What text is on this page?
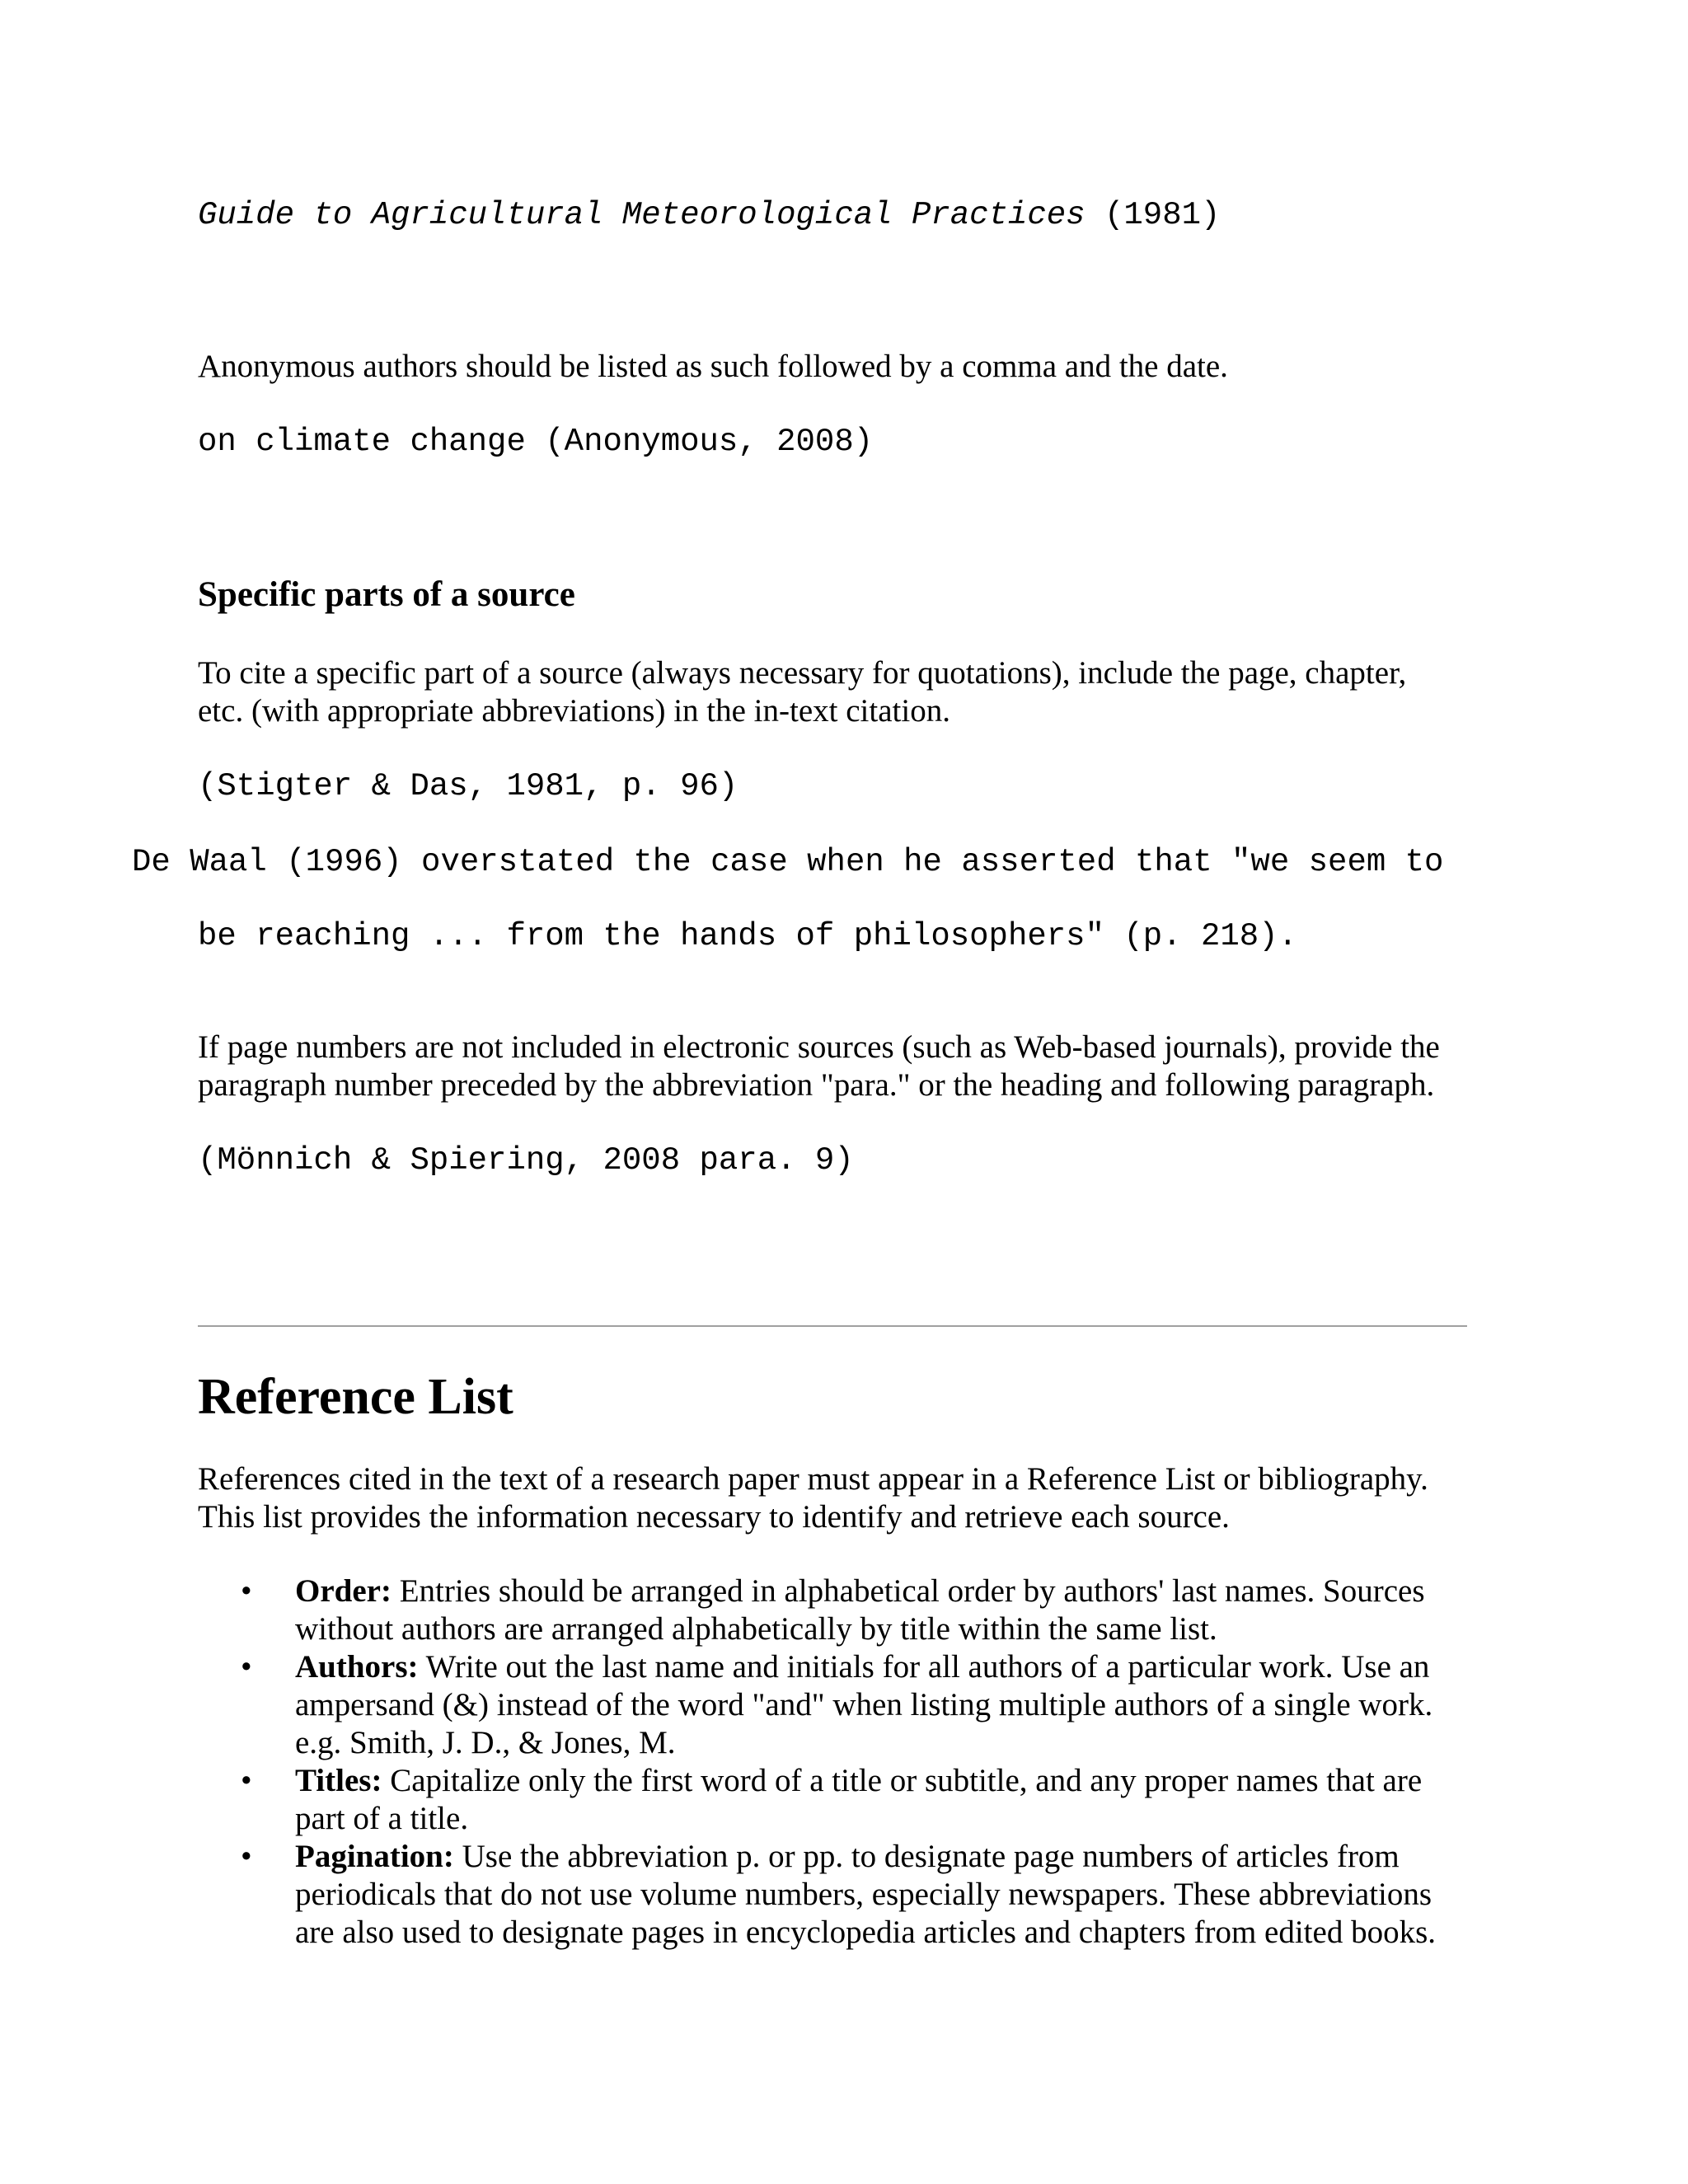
Guide to Agricultural Meteorological Practices (1981)
Anonymous authors should be listed as such followed by a comma and the date.
on climate change (Anonymous, 2008)
Specific parts of a source
To cite a specific part of a source (always necessary for quotations), include the page, chapter,
etc. (with appropriate abbreviations) in the in-text citation.
(Stigter & Das, 1981, p. 96)
De Waal (1996) overstated the case when he asserted that "we seem to
be reaching ... from the hands of philosophers" (p. 218).
If page numbers are not included in electronic sources (such as Web-based journals), provide the
paragraph number preceded by the abbreviation "para." or the heading and following paragraph.
(Mönnich & Spiering, 2008 para. 9)
Reference List
References cited in the text of a research paper must appear in a Reference List or bibliography.
This list provides the information necessary to identify and retrieve each source.
• Order: Entries should be arranged in alphabetical order by authors' last names. Sources
without authors are arranged alphabetically by title within the same list.
• Authors: Write out the last name and initials for all authors of a particular work. Use an
ampersand (&) instead of the word "and" when listing multiple authors of a single work.
e.g. Smith, J. D., & Jones, M.
• Titles: Capitalize only the first word of a title or subtitle, and any proper names that are
part of a title.
• Pagination: Use the abbreviation p. or pp. to designate page numbers of articles from
periodicals that do not use volume numbers, especially newspapers. These abbreviations
are also used to designate pages in encyclopedia articles and chapters from edited books.
